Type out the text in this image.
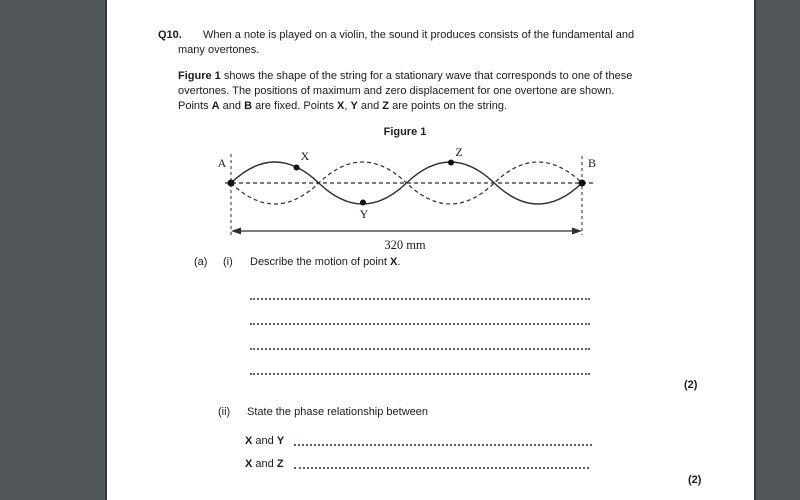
Q10. When a note is played on a violin, the sound it produces consists of the fundamental and
many overtones.
Figure 1 shows the shape of the string for a stationary wave that corresponds to one of these
overtones. The positions of maximum and zero displacement for one overtone are shown.
Points A and B are fixed. Points X, Y and Z are points on the string.
Figure 1
A	B
X
Y
Z
320 mm
(a) (i) Describe the motion of point X.
(2)
(ii) State the phase relationship between
X and Y
X and Z
(2)
